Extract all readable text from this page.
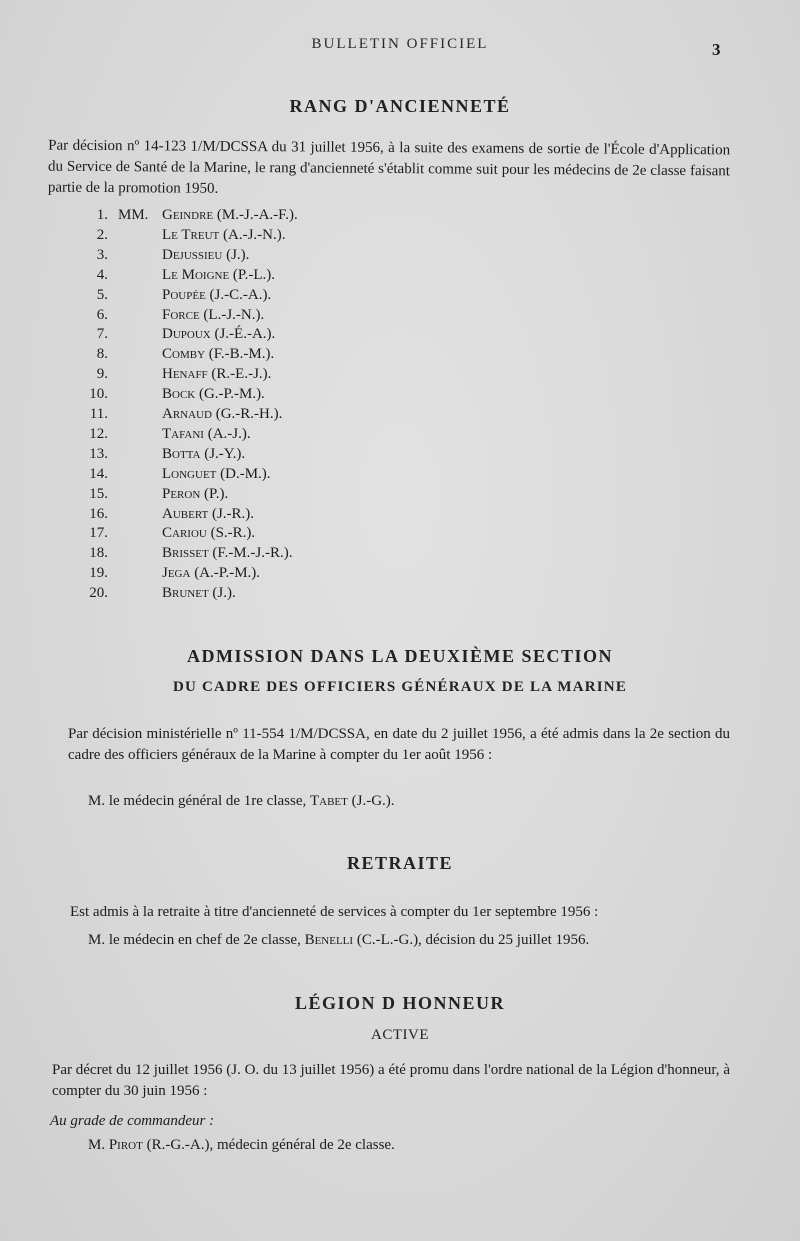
BULLETIN OFFICIEL	3
RANG D'ANCIENNETÉ
Par décision nº 14-123 1/M/DCSSA du 31 juillet 1956, à la suite des examens de sortie de l'École d'Application du Service de Santé de la Marine, le rang d'ancienneté s'établit comme suit pour les médecins de 2e classe faisant partie de la promotion 1950.
1. MM. Geindre (M.-J.-A.-F.).
2.	Le Treut (A.-J.-N.).
3.	Dejussieu (J.).
4.	Le Moigne (P.-L.).
5.	Poupée (J.-C.-A.).
6.	Force (L.-J.-N.).
7.	Dupoux (J.-É.-A.).
8.	Comby (F.-B.-M.).
9.	Henaff (R.-E.-J.).
10.	Bock (G.-P.-M.).
11.	Arnaud (G.-R.-H.).
12.	Tafani (A.-J.).
13.	Botta (J.-Y.).
14.	Longuet (D.-M.).
15.	Peron (P.).
16.	Aubert (J.-R.).
17.	Cariou (S.-R.).
18.	Brisset (F.-M.-J.-R.).
19.	Jega (A.-P.-M.).
20.	Brunet (J.).
ADMISSION DANS LA DEUXIÈME SECTION
DU CADRE DES OFFICIERS GÉNÉRAUX DE LA MARINE
Par décision ministérielle nº 11-554 1/M/DCSSA, en date du 2 juillet 1956, a été admis dans la 2e section du cadre des officiers généraux de la Marine à compter du 1er août 1956 :
M. le médecin général de 1re classe, Tabet (J.-G.).
RETRAITE
Est admis à la retraite à titre d'ancienneté de services à compter du 1er septembre 1956 :
M. le médecin en chef de 2e classe, Benelli (C.-L.-G.), décision du 25 juillet 1956.
LÉGION D HONNEUR
ACTIVE
Par décret du 12 juillet 1956 (J. O. du 13 juillet 1956) a été promu dans l'ordre national de la Légion d'honneur, à compter du 30 juin 1956 :
Au grade de commandeur :
M. Pirot (R.-G.-A.), médecin général de 2e classe.
